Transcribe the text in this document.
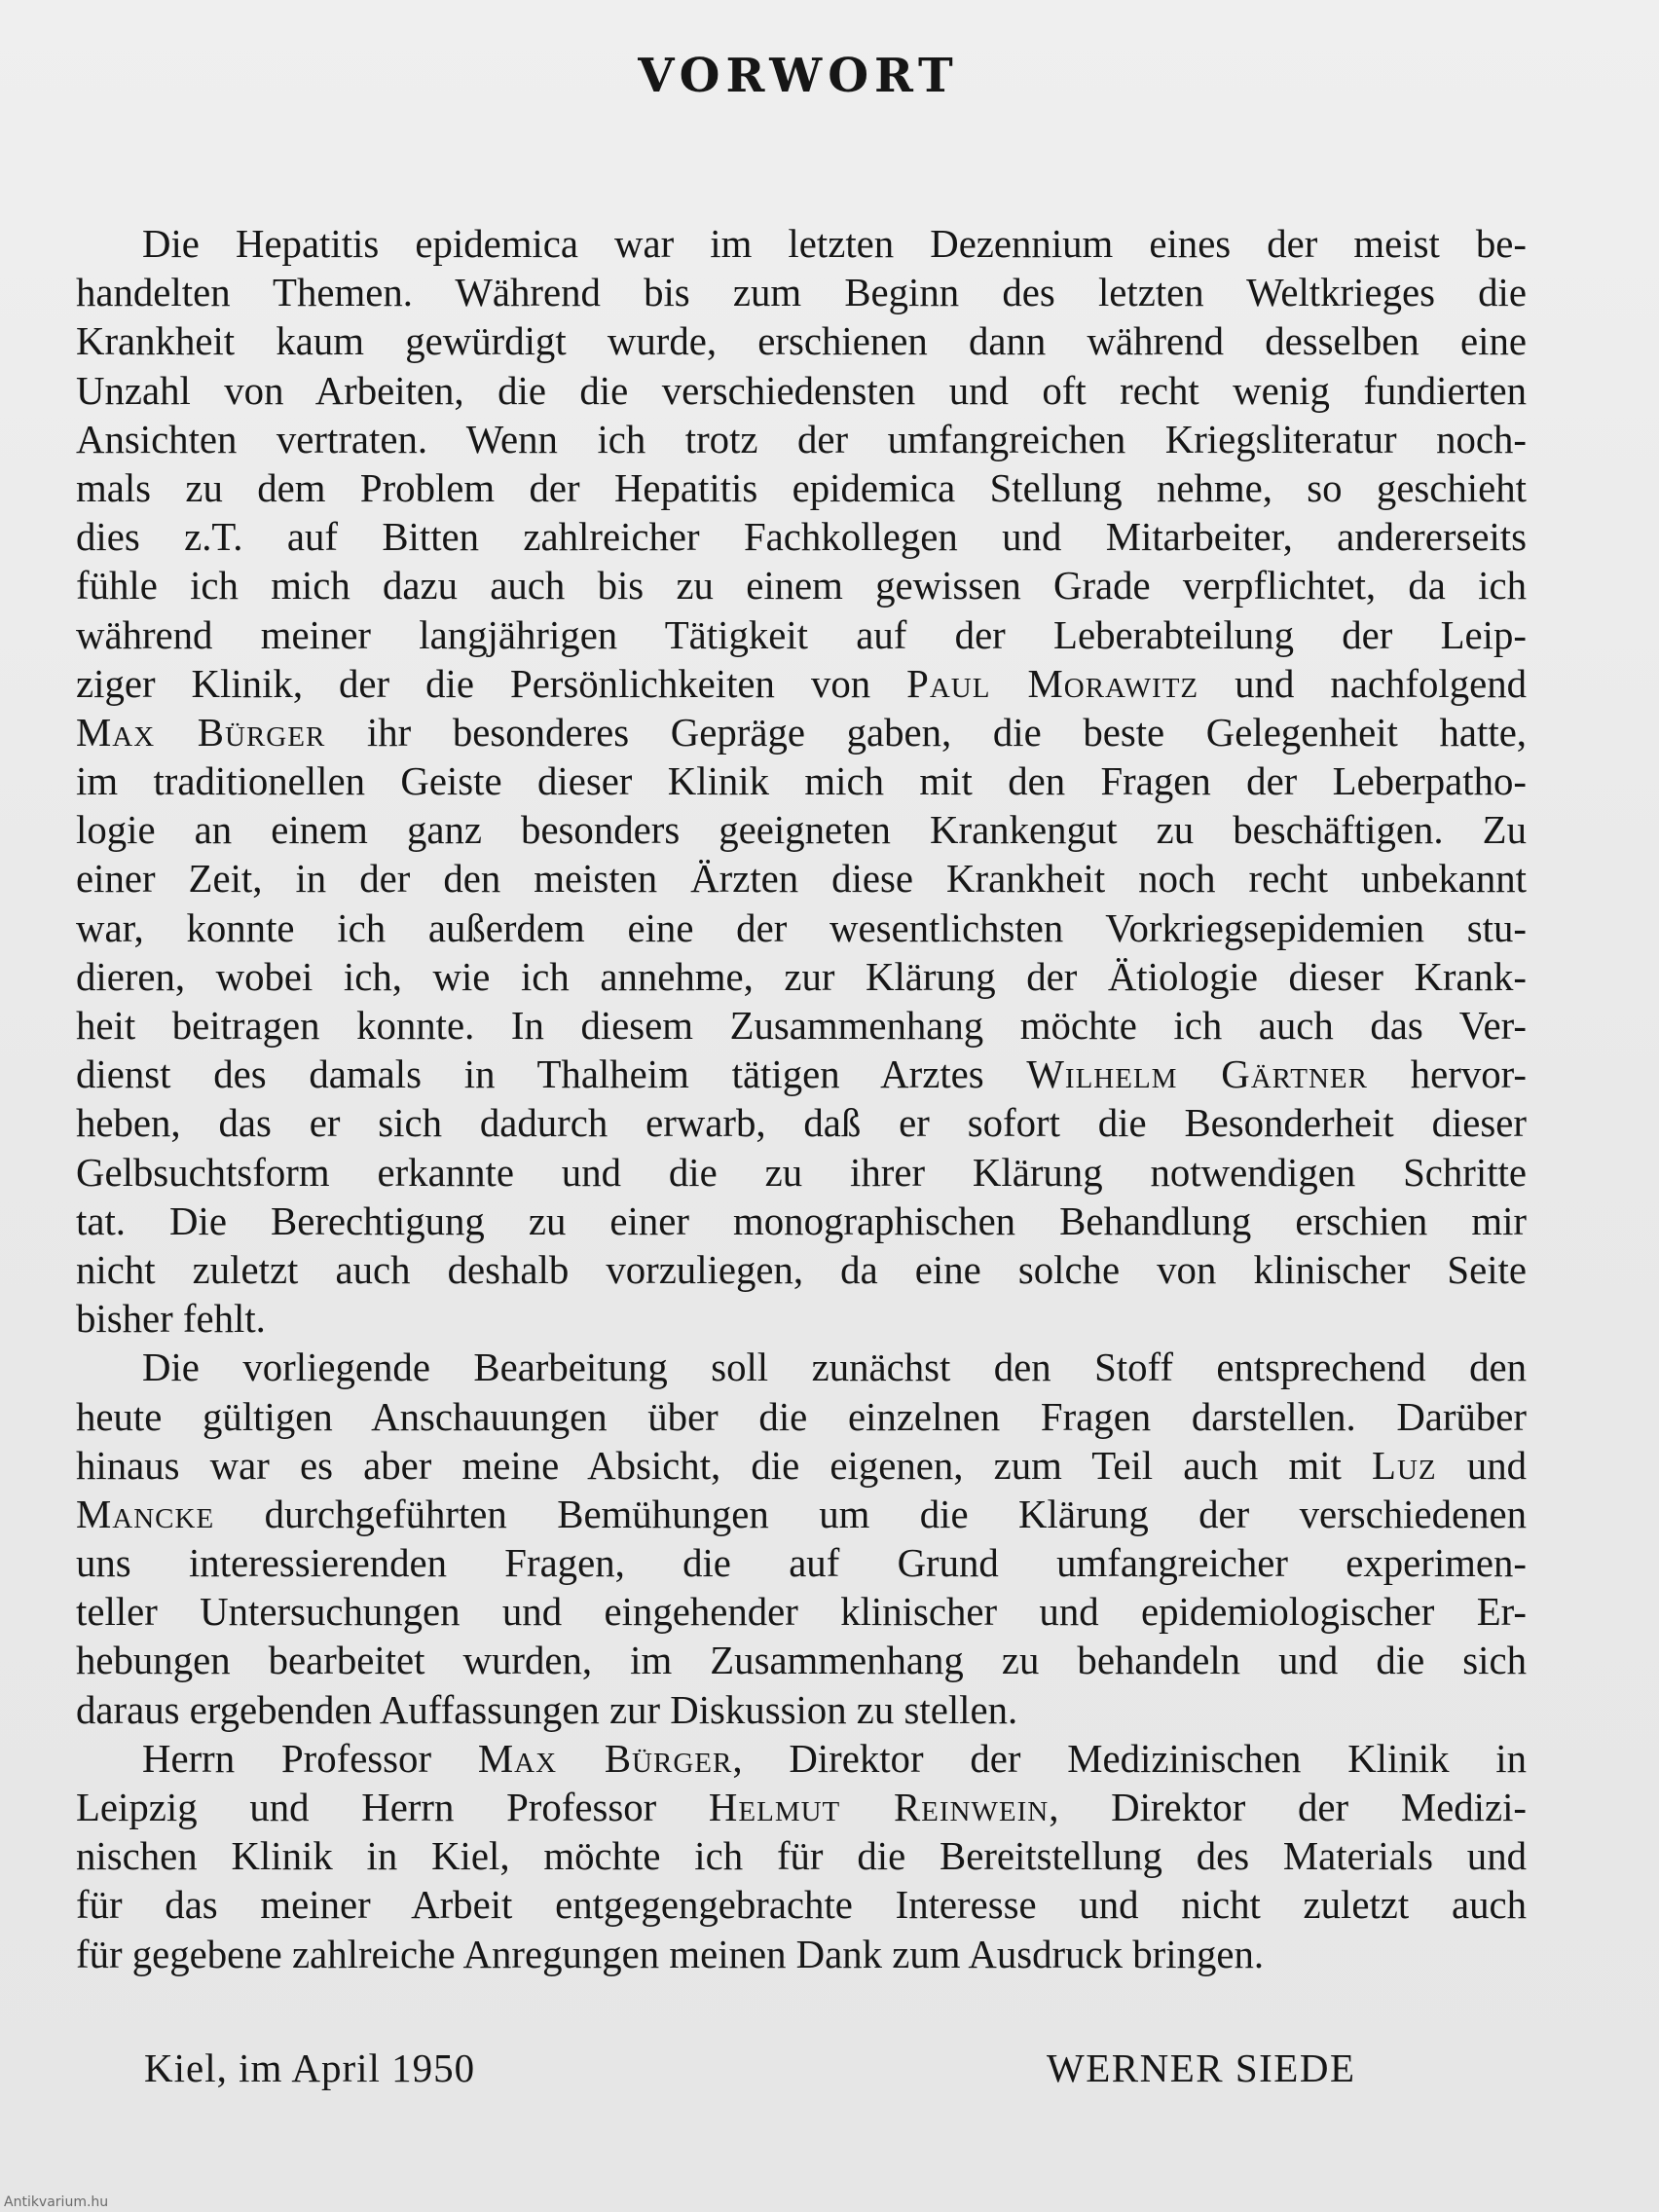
VORWORT
Die Hepatitis epidemica war im letzten Dezennium eines der meist be-
handelten Themen. Während bis zum Beginn des letzten Weltkrieges die
Krankheit kaum gewürdigt wurde, erschienen dann während desselben eine
Unzahl von Arbeiten, die die verschiedensten und oft recht wenig fundierten
Ansichten vertraten. Wenn ich trotz der umfangreichen Kriegsliteratur noch-
mals zu dem Problem der Hepatitis epidemica Stellung nehme, so geschieht
dies z.T. auf Bitten zahlreicher Fachkollegen und Mitarbeiter, andererseits
fühle ich mich dazu auch bis zu einem gewissen Grade verpflichtet, da ich
während meiner langjährigen Tätigkeit auf der Leberabteilung der Leip-
ziger Klinik, der die Persönlichkeiten von Paul Morawitz und nachfolgend
Max Bürger ihr besonderes Gepräge gaben, die beste Gelegenheit hatte,
im traditionellen Geiste dieser Klinik mich mit den Fragen der Leberpatho-
logie an einem ganz besonders geeigneten Krankengut zu beschäftigen. Zu
einer Zeit, in der den meisten Ärzten diese Krankheit noch recht unbekannt
war, konnte ich außerdem eine der wesentlichsten Vorkriegsepidemien stu-
dieren, wobei ich, wie ich annehme, zur Klärung der Ätiologie dieser Krank-
heit beitragen konnte. In diesem Zusammenhang möchte ich auch das Ver-
dienst des damals in Thalheim tätigen Arztes Wilhelm Gärtner hervor-
heben, das er sich dadurch erwarb, daß er sofort die Besonderheit dieser
Gelbsuchtsform erkannte und die zu ihrer Klärung notwendigen Schritte
tat. Die Berechtigung zu einer monographischen Behandlung erschien mir
nicht zuletzt auch deshalb vorzuliegen, da eine solche von klinischer Seite
bisher fehlt.
Die vorliegende Bearbeitung soll zunächst den Stoff entsprechend den
heute gültigen Anschauungen über die einzelnen Fragen darstellen. Darüber
hinaus war es aber meine Absicht, die eigenen, zum Teil auch mit Luz und
Mancke durchgeführten Bemühungen um die Klärung der verschiedenen
uns interessierenden Fragen, die auf Grund umfangreicher experimen-
teller Untersuchungen und eingehender klinischer und epidemiologischer Er-
hebungen bearbeitet wurden, im Zusammenhang zu behandeln und die sich
daraus ergebenden Auffassungen zur Diskussion zu stellen.
Herrn Professor Max Bürger, Direktor der Medizinischen Klinik in
Leipzig und Herrn Professor Helmut Reinwein, Direktor der Medizi-
nischen Klinik in Kiel, möchte ich für die Bereitstellung des Materials und
für das meiner Arbeit entgegengebrachte Interesse und nicht zuletzt auch
für gegebene zahlreiche Anregungen meinen Dank zum Ausdruck bringen.
Kiel, im April 1950	WERNER SIEDE
Antikvarium.hu
